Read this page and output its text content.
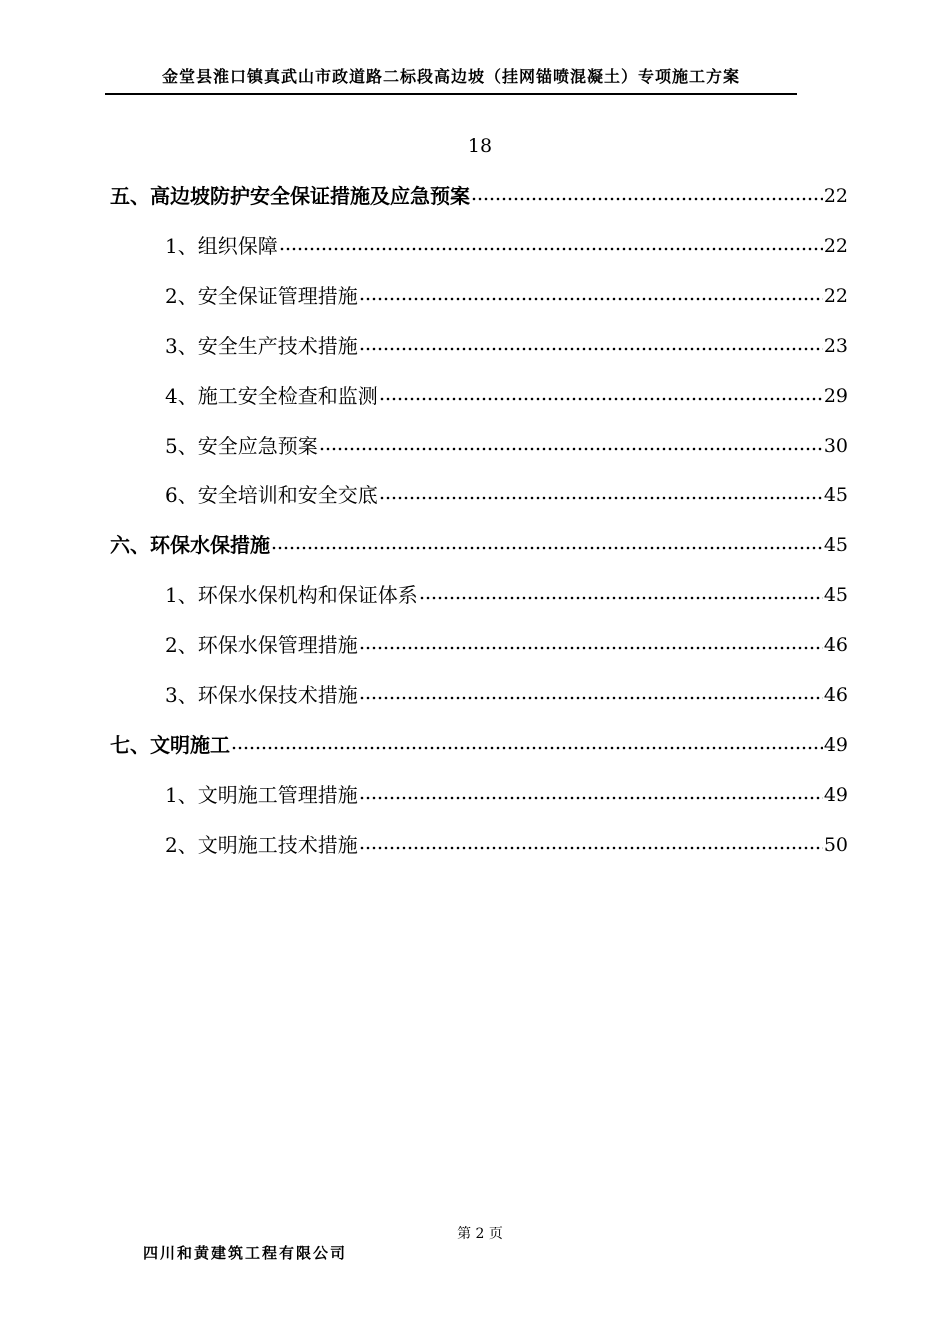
金堂县淮口镇真武山市政道路二标段高边坡（挂网锚喷混凝土）专项施工方案
18
五、高边坡防护安全保证措施及应急预案	22
1、组织保障	22
2、安全保证管理措施	22
3、安全生产技术措施	23
4、施工安全检查和监测	29
5、安全应急预案	30
6、安全培训和安全交底	45
六、环保水保措施	45
1、环保水保机构和保证体系	45
2、环保水保管理措施	46
3、环保水保技术措施	46
七、文明施工	49
1、文明施工管理措施	49
2、文明施工技术措施	50
第 2 页
四川和黄建筑工程有限公司
